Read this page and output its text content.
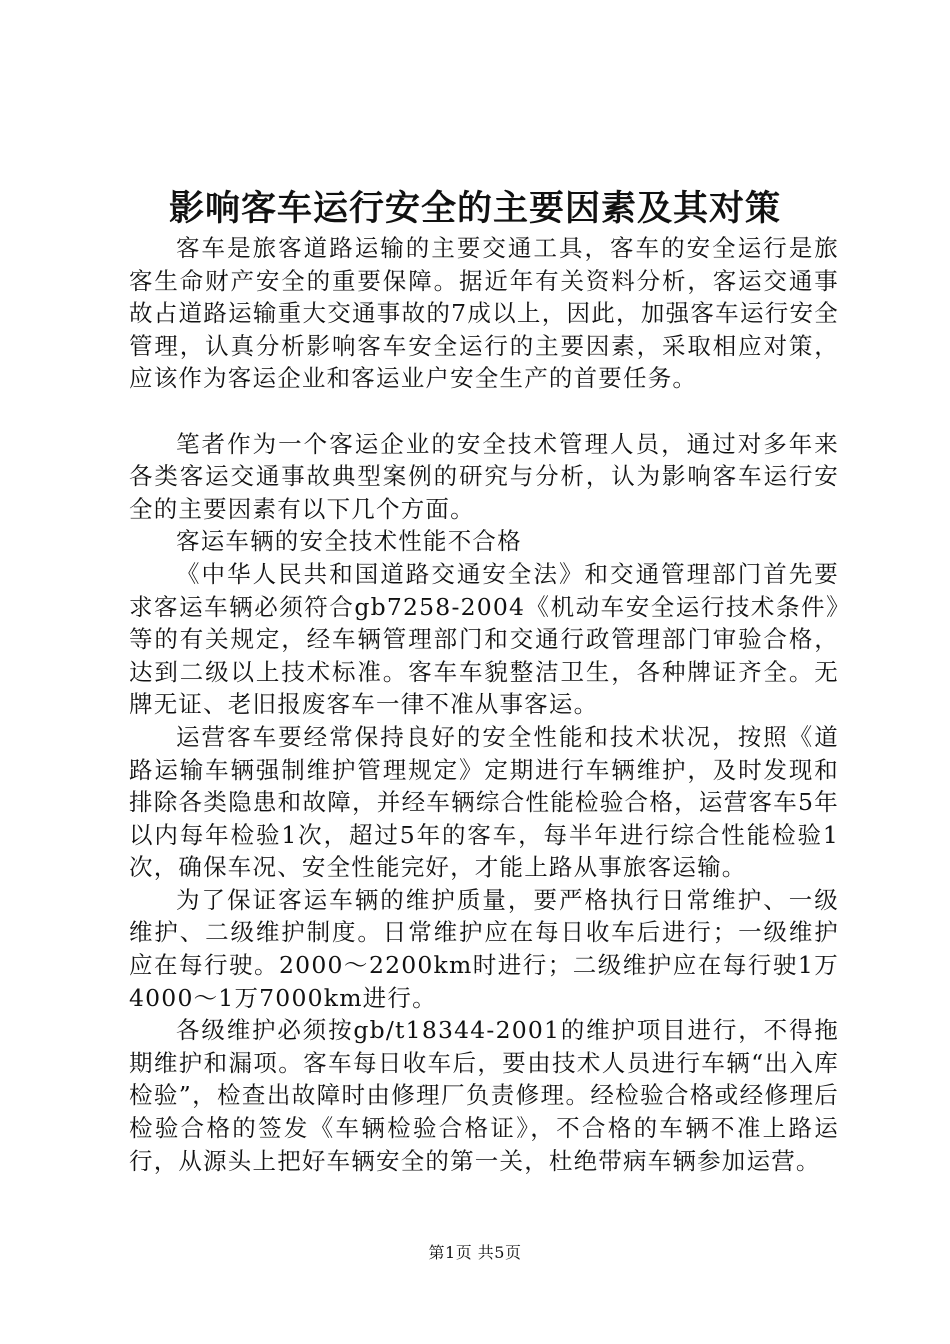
影响客车运行安全的主要因素及其对策

客车是旅客道路运输的主要交通工具，客车的安全运行是旅客生命财产安全的重要保障。据近年有关资料分析，客运交通事故占道路运输重大交通事故的7成以上，因此，加强客车运行安全管理，认真分析影响客车安全运行的主要因素，采取相应对策，应该作为客运企业和客运业户安全生产的首要任务。

笔者作为一个客运企业的安全技术管理人员，通过对多年来各类客运交通事故典型案例的研究与分析，认为影响客车运行安全的主要因素有以下几个方面。

客运车辆的安全技术性能不合格

《中华人民共和国道路交通安全法》和交通管理部门首先要求客运车辆必须符合gb7258-2004《机动车安全运行技术条件》等的有关规定，经车辆管理部门和交通行政管理部门审验合格，达到二级以上技术标准。客车车貌整洁卫生，各种牌证齐全。无牌无证、老旧报废客车一律不准从事客运。

运营客车要经常保持良好的安全性能和技术状况，按照《道路运输车辆强制维护管理规定》定期进行车辆维护，及时发现和排除各类隐患和故障，并经车辆综合性能检验合格，运营客车5年以内每年检验1次，超过5年的客车，每半年进行综合性能检验1次，确保车况、安全性能完好，才能上路从事旅客运输。

为了保证客运车辆的维护质量，要严格执行日常维护、一级维护、二级维护制度。日常维护应在每日收车后进行；一级维护应在每行驶。2000～2200km时进行；二级维护应在每行驶1万4000～1万7000km进行。

各级维护必须按gb/t18344-2001的维护项目进行，不得拖期维护和漏项。客车每日收车后，要由技术人员进行车辆“出入库检验”，检查出故障时由修理厂负责修理。经检验合格或经修理后检验合格的签发《车辆检验合格证》，不合格的车辆不准上路运行，从源头上把好车辆安全的第一关，杜绝带病车辆参加运营。

第1页 共5页
